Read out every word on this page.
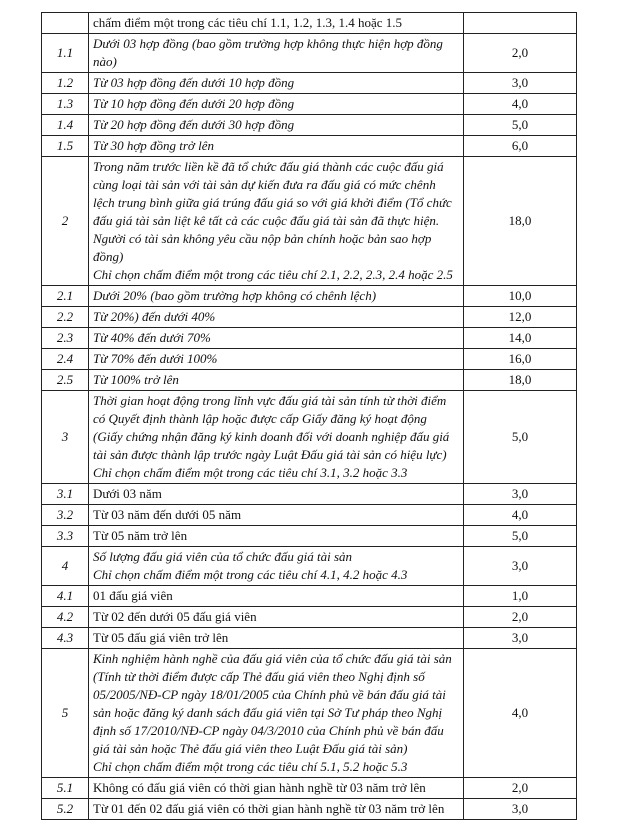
	chấm điểm một trong các tiêu chí 1.1, 1.2, 1.3, 1.4 hoặc 1.5	

1.1	Dưới 03 hợp đồng (bao gồm trường hợp không thực hiện hợp đồng nào)	2,0
1.2	Từ 03 hợp đồng đến dưới 10 hợp đồng	3,0
1.3	Từ 10 hợp đồng đến dưới 20 hợp đồng	4,0
1.4	Từ 20 hợp đồng đến dưới 30 hợp đồng	5,0
1.5	Từ 30 hợp đồng trở lên	6,0
2	Trong năm trước liền kề đã tổ chức đấu giá thành các cuộc đấu giá cùng loại tài sản với tài sản dự kiến đưa ra đấu giá có mức chênh lệch trung bình giữa giá trúng đấu giá so với giá khởi điểm (Tổ chức đấu giá tài sản liệt kê tất cả các cuộc đấu giá tài sản đã thực hiện. Người có tài sản không yêu cầu nộp bản chính hoặc bản sao hợp đồng)
Chỉ chọn chấm điểm một trong các tiêu chí 2.1, 2.2, 2.3, 2.4 hoặc 2.5	18,0
2.1	Dưới 20% (bao gồm trường hợp không có chênh lệch)	10,0
2.2	Từ 20%) đến dưới 40%	12,0
2.3	Từ 40% đến dưới 70%	14,0
2.4	Từ 70% đến dưới 100%	16,0
2.5	Từ 100% trở lên	18,0
3	Thời gian hoạt động trong lĩnh vực đấu giá tài sản tính từ thời điểm có Quyết định thành lập hoặc được cấp Giấy đăng ký hoạt động (Giấy chứng nhận đăng ký kinh doanh đối với doanh nghiệp đấu giá tài sản được thành lập trước ngày Luật Đấu giá tài sản có hiệu lực)
Chỉ chọn chấm điểm một trong các tiêu chí 3.1, 3.2 hoặc 3.3	5,0
3.1	Dưới 03 năm	3,0
3.2	Từ 03 năm đến dưới 05 năm	4,0
3.3	Từ 05 năm trở lên	5,0
4	Số lượng đấu giá viên của tổ chức đấu giá tài sản
Chỉ chọn chấm điểm một trong các tiêu chí 4.1, 4.2 hoặc 4.3	3,0
4.1	01 đấu giá viên	1,0
4.2	Từ 02 đến dưới 05 đấu giá viên	2,0
4.3	Từ 05 đấu giá viên trở lên	3,0
5	Kinh nghiệm hành nghề của đấu giá viên của tổ chức đấu giá tài sản (Tính từ thời điểm được cấp Thẻ đấu giá viên theo Nghị định số 05/2005/NĐ-CP ngày 18/01/2005 của Chính phủ về bán đấu giá tài sản hoặc đăng ký danh sách đấu giá viên tại Sở Tư pháp theo Nghị định số 17/2010/NĐ-CP ngày 04/3/2010 của Chính phủ về bán đấu giá tài sản hoặc Thẻ đấu giá viên theo Luật Đấu giá tài sản)
Chỉ chọn chấm điểm một trong các tiêu chí 5.1, 5.2 hoặc 5.3	4,0
5.1	Không có đấu giá viên có thời gian hành nghề từ 03 năm trở lên	2,0
5.2	Từ 01 đến 02 đấu giá viên có thời gian hành nghề từ 03 năm trở lên	3,0
